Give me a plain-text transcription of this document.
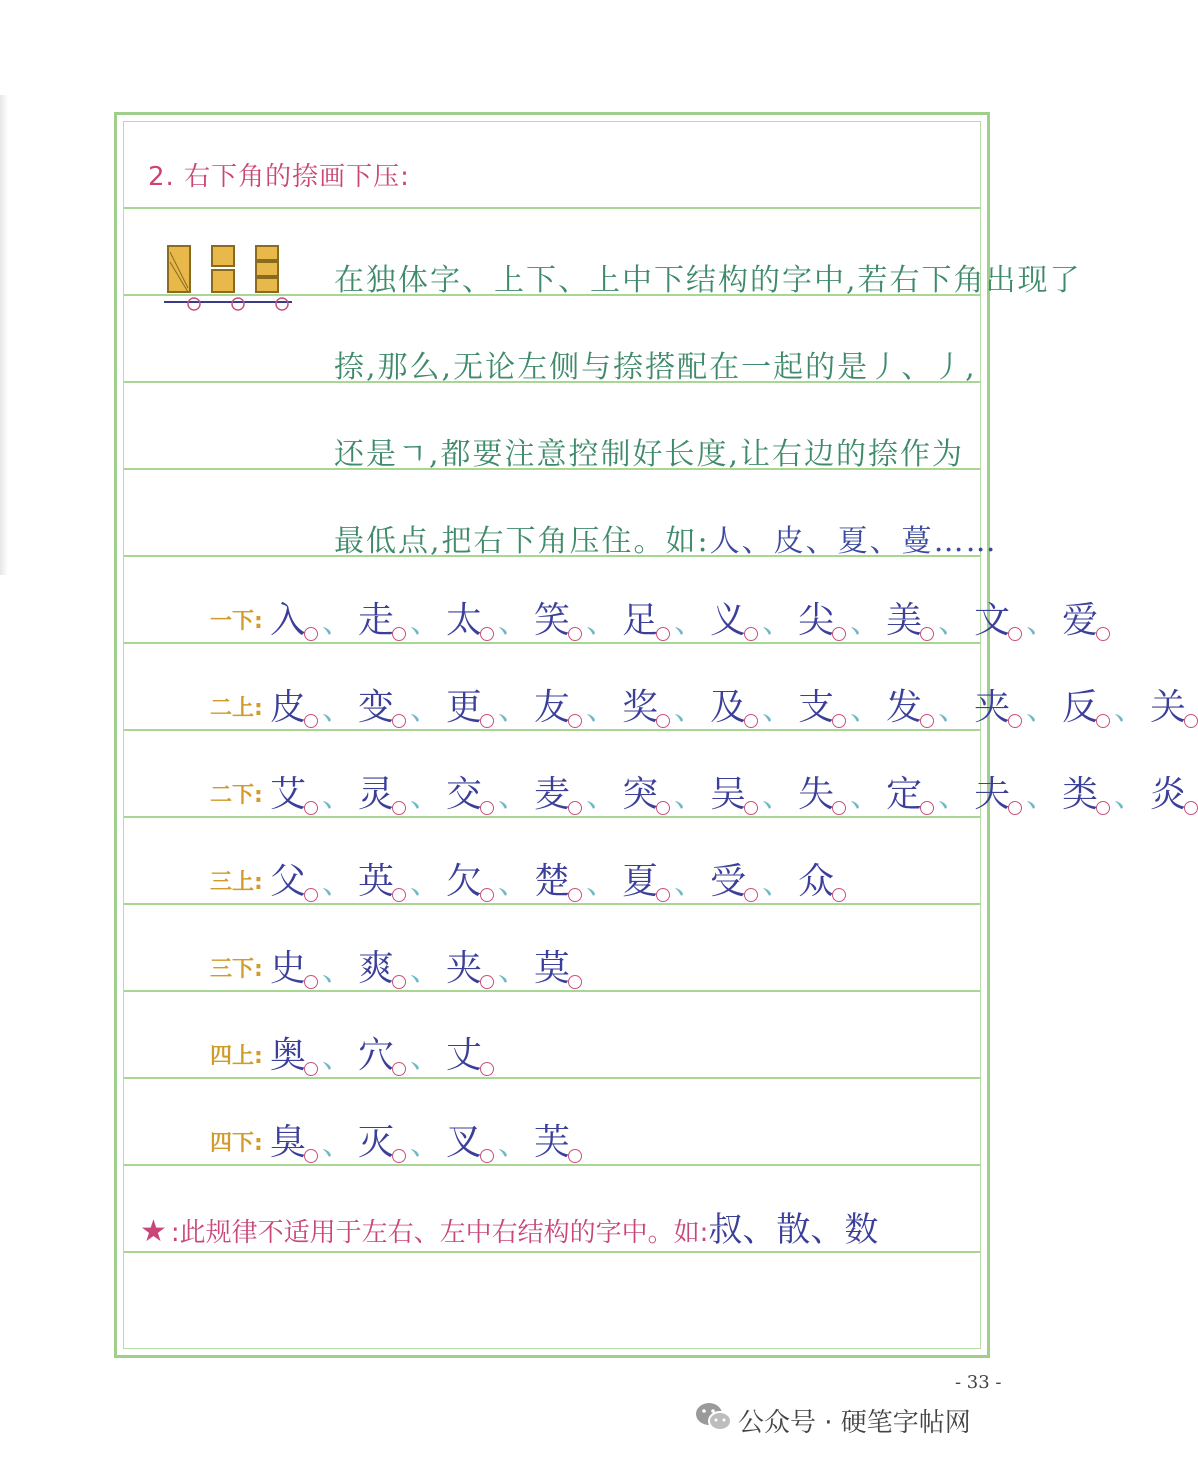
2. 右下角的捺画下压:
在独体字、上下、上中下结构的字中,若右下角出现了
捺,那么,无论左侧与捺搭配在一起的是丿、丿,
还是ㄱ,都要注意控制好长度,让右边的捺作为
最低点,把右下角压住。如:人、皮、夏、蔓……
一下: 入 、 走 、 太 、 笑 、 足 、 义 、 尖 、 美 、 文 、 爱
二上: 皮 、 变 、 更 、 友 、 奖 、 及 、 支 、 发 、 夹 、 反 、 关
二下: 艾 、 灵 、 交 、 麦 、 突 、 吴 、 失 、 定 、 夫 、 类 、 炎
三上: 父 、 英 、 欠 、 楚 、 夏 、 受 、 众
三下: 史 、 爽 、 夹 、 莫
四上: 奥 、 穴 、 丈
四下: 臭 、 灭 、 叉 、 芙
★ :此规律不适用于左右、左中右结构的字中。如:叔、散、数
- 33 -
公众号 · 硬笔字帖网
